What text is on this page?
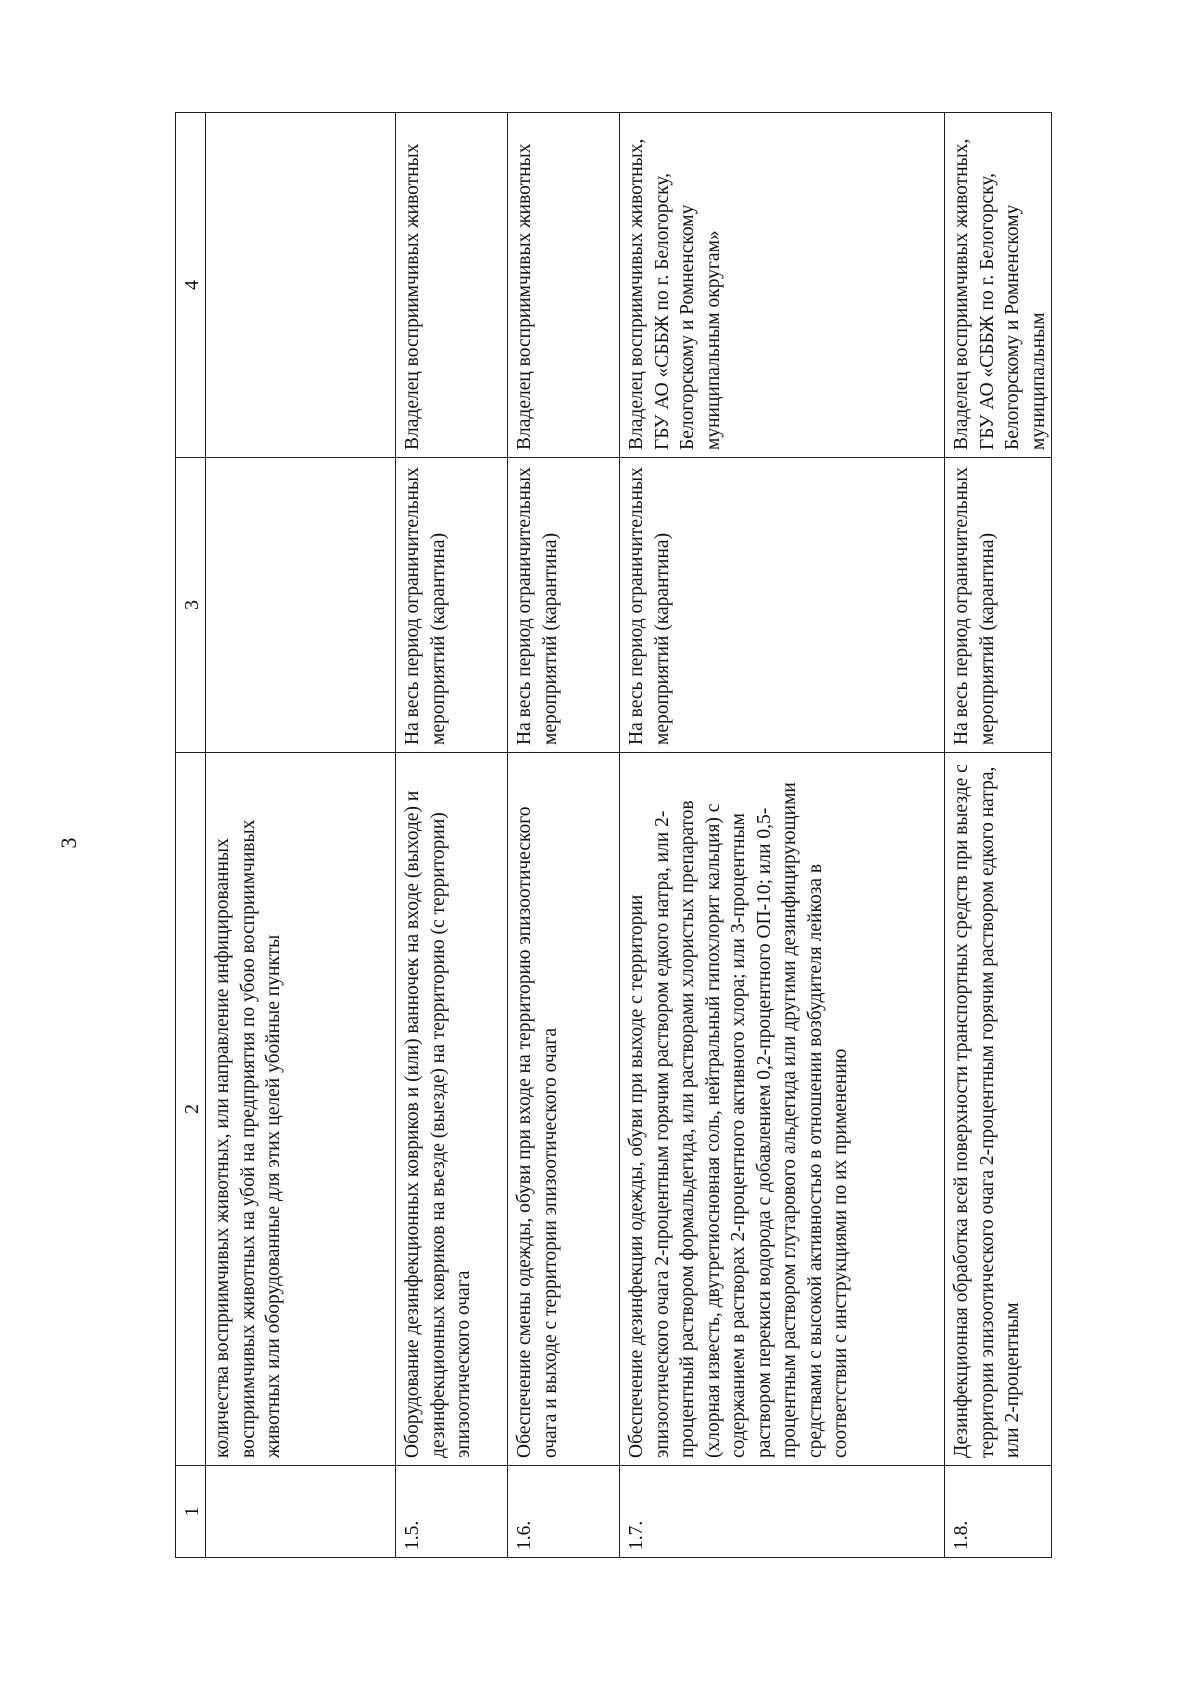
3
1	2	3	4
	количества восприимчивых животных, или направление инфицированных восприимчивых животных на убой на предприятия по убою восприимчивых животных или оборудованные для этих целей убойные пункты		
1.5.	Оборудование дезинфекционных ковриков и (или) ванночек на входе (выходе) и дезинфекционных ковриков на въезде (выезде) на территорию (с территории) эпизоотического очага	На весь период ограничительных мероприятий (карантина)	Владелец восприимчивых животных
1.6.	Обеспечение смены одежды, обуви при входе на территорию эпизоотического очага и выходе с территории эпизоотического очага	На весь период ограничительных мероприятий (карантина)	Владелец восприимчивых животных
1.7.	Обеспечение дезинфекции одежды, обуви при выходе с территории эпизоотического очага 2-процентным горячим раствором едкого натра, или 2-процентный раствором формальдегида, или растворами хлористых препаратов (хлорная известь, двутретиосновная соль, нейтральный гипохлорит кальция) с содержанием в растворах 2-процентного активного хлора; или 3-процентным раствором перекиси водорода с добавлением 0,2-процентного ОП-10; или 0,5-процентным раствором глутарового альдегида или другими дезинфицирующими средствами с высокой активностью в отношении возбудителя лейкоза в соответствии с инструкциями по их применению	На весь период ограничительных мероприятий (карантина)	Владелец восприимчивых животных, ГБУ АО «СББЖ по г. Белогорску, Белогорскому и Ромненскому муниципальным округам»
1.8.	Дезинфекционная обработка всей поверхности транспортных средств при выезде с территории эпизоотического очага 2-процентным горячим раствором едкого натра, или 2-процентным	На весь период ограничительных мероприятий (карантина)	Владелец восприимчивых животных, ГБУ АО «СББЖ по г. Белогорску, Белогорскому и Ромненскому муниципальным
